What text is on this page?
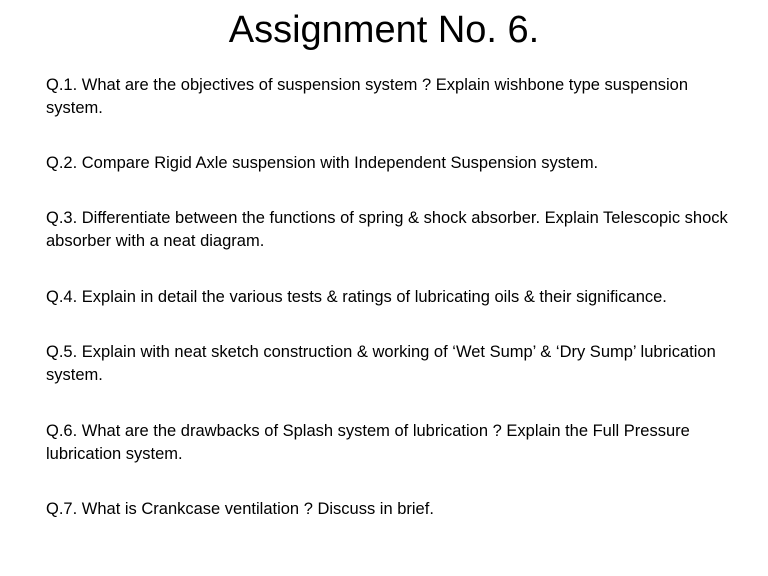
Assignment No. 6.

Q.1. What are the objectives of suspension system ? Explain wishbone type suspension system.

Q.2. Compare Rigid Axle suspension with Independent Suspension system.

Q.3. Differentiate between the functions of spring & shock absorber. Explain Telescopic shock absorber with a neat diagram.

Q.4. Explain in detail the various tests & ratings of lubricating oils & their significance.

Q.5. Explain with neat sketch construction & working of ‘Wet Sump’ & ‘Dry Sump’ lubrication system.

Q.6. What are the drawbacks of Splash system of lubrication ? Explain the Full Pressure lubrication system.

Q.7. What is Crankcase ventilation ? Discuss in brief.
